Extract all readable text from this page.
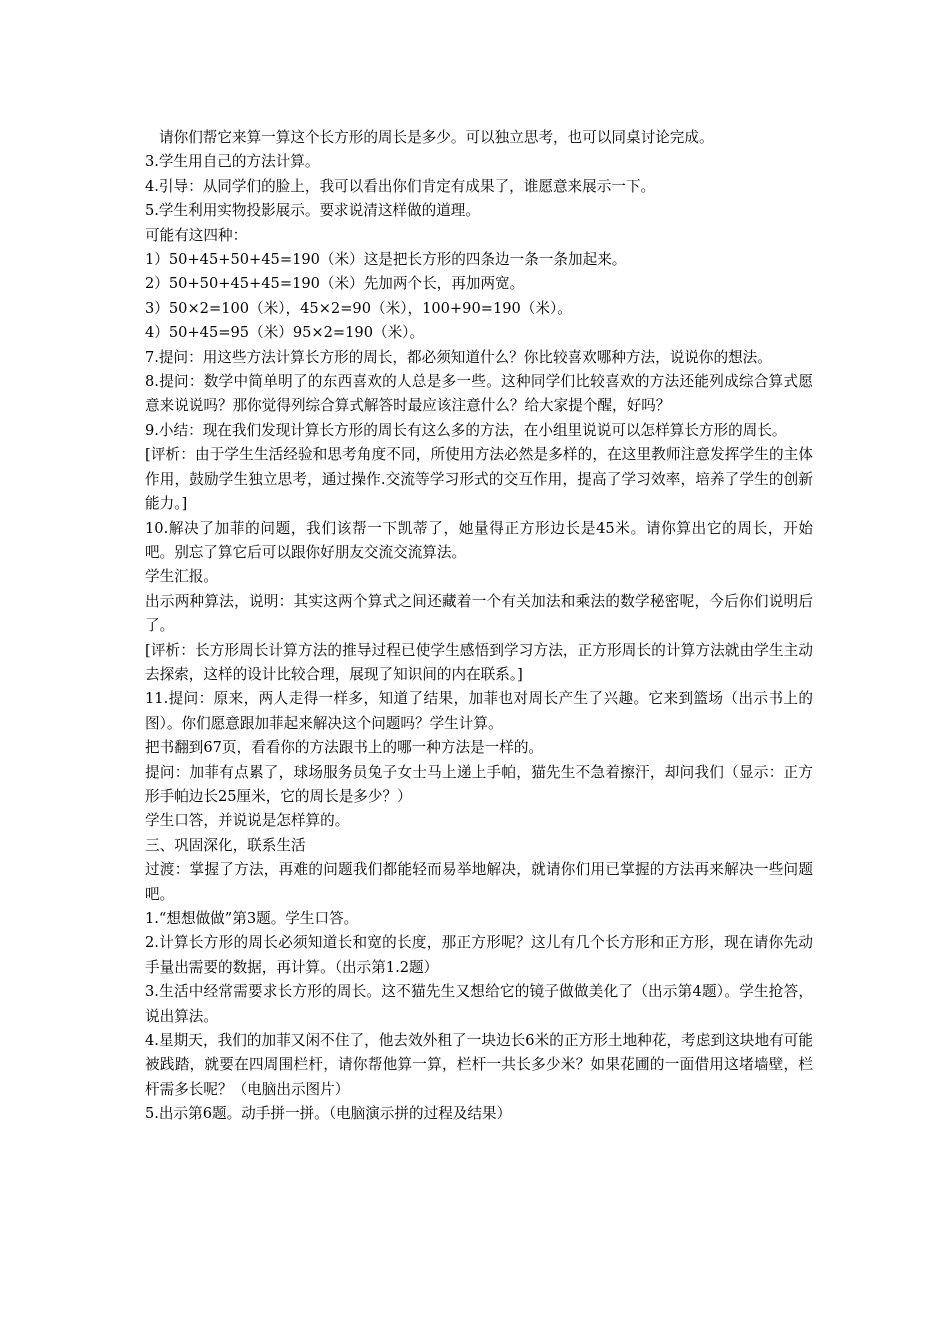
请你们帮它来算一算这个长方形的周长是多少。可以独立思考，也可以同桌讨论完成。

3.学生用自己的方法计算。

4.引导：从同学们的脸上，我可以看出你们肯定有成果了，谁愿意来展示一下。

5.学生利用实物投影展示。要求说清这样做的道理。

可能有这四种：

1）50+45+50+45=190（米）这是把长方形的四条边一条一条加起来。

2）50+50+45+45=190（米）先加两个长，再加两宽。

3）50×2=100（米），45×2=90（米），100+90=190（米）。

4）50+45=95（米）95×2=190（米）。

7.提问：用这些方法计算长方形的周长，都必须知道什么？你比较喜欢哪种方法，说说你的想法。

8.提问：数学中简单明了的东西喜欢的人总是多一些。这种同学们比较喜欢的方法还能列成综合算式愿意来说说吗？那你觉得列综合算式解答时最应该注意什么？给大家提个醒，好吗？

9.小结：现在我们发现计算长方形的周长有这么多的方法，在小组里说说可以怎样算长方形的周长。

[评析：由于学生生活经验和思考角度不同，所使用方法必然是多样的，在这里教师注意发挥学生的主体作用，鼓励学生独立思考，通过操作.交流等学习形式的交互作用，提高了学习效率，培养了学生的创新能力。]

10.解决了加菲的问题，我们该帮一下凯蒂了，她量得正方形边长是45米。请你算出它的周长，开始吧。别忘了算它后可以跟你好朋友交流交流算法。

学生汇报。

出示两种算法，说明：其实这两个算式之间还藏着一个有关加法和乘法的数学秘密呢，今后你们说明后了。

[评析：长方形周长计算方法的推导过程已使学生感悟到学习方法，正方形周长的计算方法就由学生主动去探索，这样的设计比较合理，展现了知识间的内在联系。]

11.提问：原来，两人走得一样多，知道了结果，加菲也对周长产生了兴趣。它来到篮场（出示书上的图）。你们愿意跟加菲起来解决这个问题吗？学生计算。

把书翻到67页，看看你的方法跟书上的哪一种方法是一样的。

提问：加菲有点累了，球场服务员兔子女士马上递上手帕，猫先生不急着擦汗，却问我们（显示：正方形手帕边长25厘米，它的周长是多少？）

学生口答，并说说是怎样算的。

三、巩固深化，联系生活

过渡：掌握了方法，再难的问题我们都能轻而易举地解决，就请你们用已掌握的方法再来解决一些问题吧。

1.“想想做做”第3题。学生口答。

2.计算长方形的周长必须知道长和宽的长度，那正方形呢？这儿有几个长方形和正方形，现在请你先动手量出需要的数据，再计算。（出示第1.2题）

3.生活中经常需要求长方形的周长。这不猫先生又想给它的镜子做做美化了（出示第4题）。学生抢答，说出算法。

4.星期天，我们的加菲又闲不住了，他去效外租了一块边长6米的正方形土地种花，考虑到这块地有可能被践踏，就要在四周围栏杆，请你帮他算一算，栏杆一共长多少米？如果花圃的一面借用这堵墙壁，栏杆需多长呢？（电脑出示图片）

5.出示第6题。动手拼一拼。（电脑演示拼的过程及结果）
